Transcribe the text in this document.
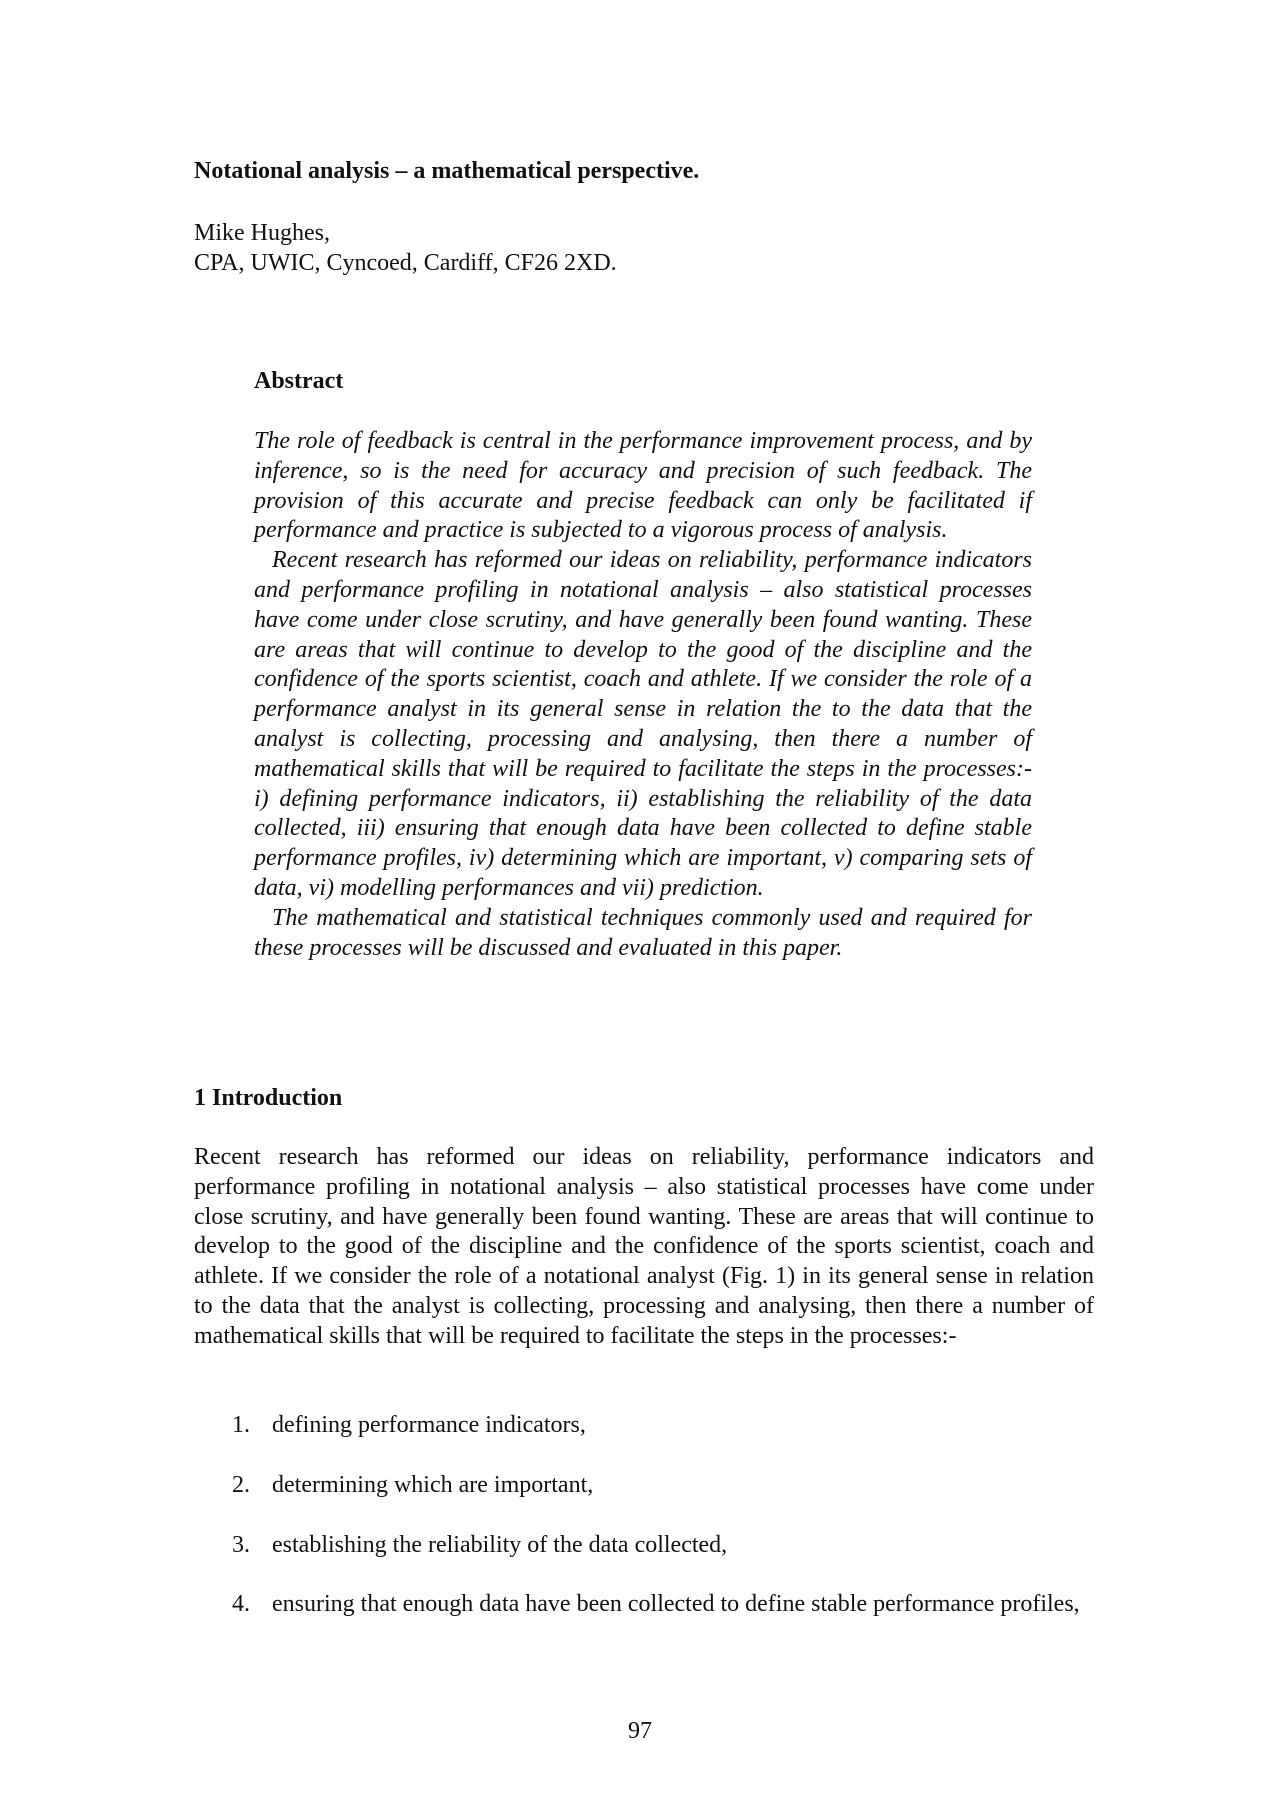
Notational analysis – a mathematical perspective.
Mike Hughes,
CPA, UWIC, Cyncoed, Cardiff, CF26 2XD.
Abstract

The role of feedback is central in the performance improvement process, and by inference, so is the need for accuracy and precision of such feedback. The provision of this accurate and precise feedback can only be facilitated if performance and practice is subjected to a vigorous process of analysis.

Recent research has reformed our ideas on reliability, performance indicators and performance profiling in notational analysis – also statistical processes have come under close scrutiny, and have generally been found wanting. These are areas that will continue to develop to the good of the discipline and the confidence of the sports scientist, coach and athlete. If we consider the role of a performance analyst in its general sense in relation the to the data that the analyst is collecting, processing and analysing, then there a number of mathematical skills that will be required to facilitate the steps in the processes:- i) defining performance indicators, ii) establishing the reliability of the data collected, iii) ensuring that enough data have been collected to define stable performance profiles, iv) determining which are important, v) comparing sets of data, vi) modelling performances and vii) prediction.

The mathematical and statistical techniques commonly used and required for these processes will be discussed and evaluated in this paper.

1 Introduction

Recent research has reformed our ideas on reliability, performance indicators and performance profiling in notational analysis – also statistical processes have come under close scrutiny, and have generally been found wanting. These are areas that will continue to develop to the good of the discipline and the confidence of the sports scientist, coach and athlete. If we consider the role of a notational analyst (Fig. 1) in its general sense in relation to the data that the analyst is collecting, processing and analysing, then there a number of mathematical skills that will be required to facilitate the steps in the processes:-

1. defining performance indicators,
2. determining which are important,
3. establishing the reliability of the data collected,
4. ensuring that enough data have been collected to define stable performance profiles,
97
